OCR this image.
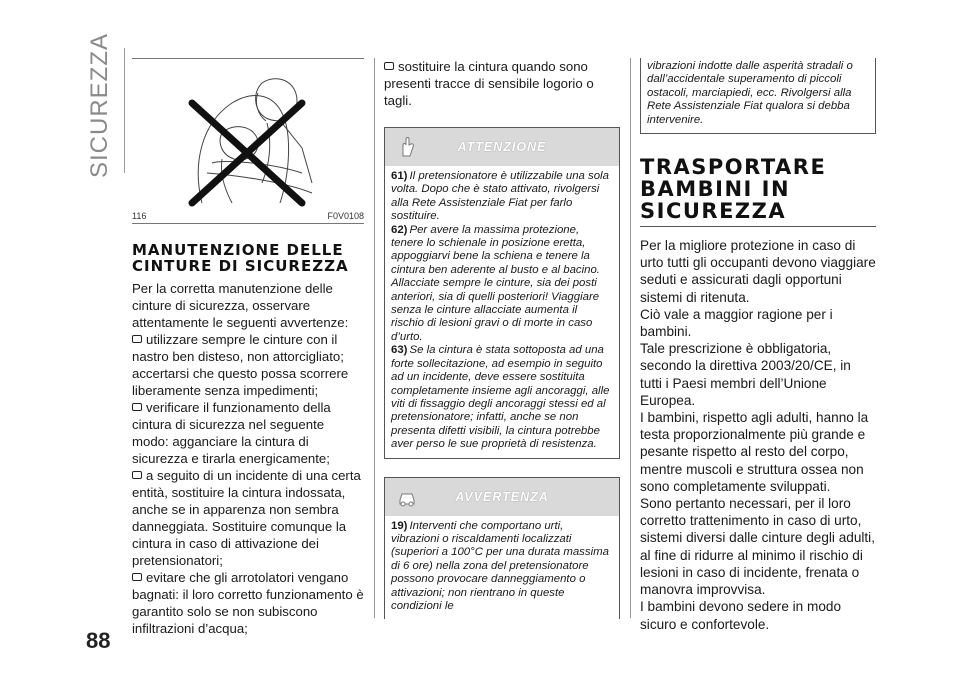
SICUREZZA
88
116	F0V0108
MANUTENZIONE DELLE CINTURE DI SICUREZZA

Per la corretta manutenzione delle cinture di sicurezza, osservare attentamente le seguenti avvertenze:

utilizzare sempre le cinture con il nastro ben disteso, non attorcigliato; accertarsi che questo possa scorrere liberamente senza impedimenti;

verificare il funzionamento della cintura di sicurezza nel seguente modo: agganciare la cintura di sicurezza e tirarla energicamente;

a seguito di un incidente di una certa entità, sostituire la cintura indossata, anche se in apparenza non sembra danneggiata. Sostituire comunque la cintura in caso di attivazione dei pretensionatori;

evitare che gli arrotolatori vengano bagnati: il loro corretto funzionamento è garantito solo se non subiscono infiltrazioni d’acqua;

sostituire la cintura quando sono presenti tracce di sensibile logorio o tagli.

ATTENZIONE

61) Il pretensionatore è utilizzabile una sola volta. Dopo che è stato attivato, rivolgersi alla Rete Assistenziale Fiat per farlo sostituire.

62) Per avere la massima protezione, tenere lo schienale in posizione eretta, appoggiarvi bene la schiena e tenere la cintura ben aderente al busto e al bacino. Allacciate sempre le cinture, sia dei posti anteriori, sia di quelli posteriori! Viaggiare senza le cinture allacciate aumenta il rischio di lesioni gravi o di morte in caso d’urto.

63) Se la cintura è stata sottoposta ad una forte sollecitazione, ad esempio in seguito ad un incidente, deve essere sostituita completamente insieme agli ancoraggi, alle viti di fissaggio degli ancoraggi stessi ed al pretensionatore; infatti, anche se non presenta difetti visibili, la cintura potrebbe aver perso le sue proprietà di resistenza.

AVVERTENZA

19) Interventi che comportano urti, vibrazioni o riscaldamenti localizzati (superiori a 100°C per una durata massima di 6 ore) nella zona del pretensionatore possono provocare danneggiamento o attivazioni; non rientrano in queste condizioni le

vibrazioni indotte dalle asperità stradali o dall’accidentale superamento di piccoli ostacoli, marciapiedi, ecc. Rivolgersi alla Rete Assistenziale Fiat qualora si debba intervenire.
TRASPORTARE BAMBINI IN SICUREZZA

Per la migliore protezione in caso di urto tutti gli occupanti devono viaggiare seduti e assicurati dagli opportuni sistemi di ritenuta.

Ciò vale a maggior ragione per i bambini.

Tale prescrizione è obbligatoria, secondo la direttiva 2003/20/CE, in tutti i Paesi membri dell’Unione Europea.

I bambini, rispetto agli adulti, hanno la testa proporzionalmente più grande e pesante rispetto al resto del corpo, mentre muscoli e struttura ossea non sono completamente sviluppati.

Sono pertanto necessari, per il loro corretto trattenimento in caso di urto, sistemi diversi dalle cinture degli adulti, al fine di ridurre al minimo il rischio di lesioni in caso di incidente, frenata o manovra improvvisa.

I bambini devono sedere in modo sicuro e confortevole.
